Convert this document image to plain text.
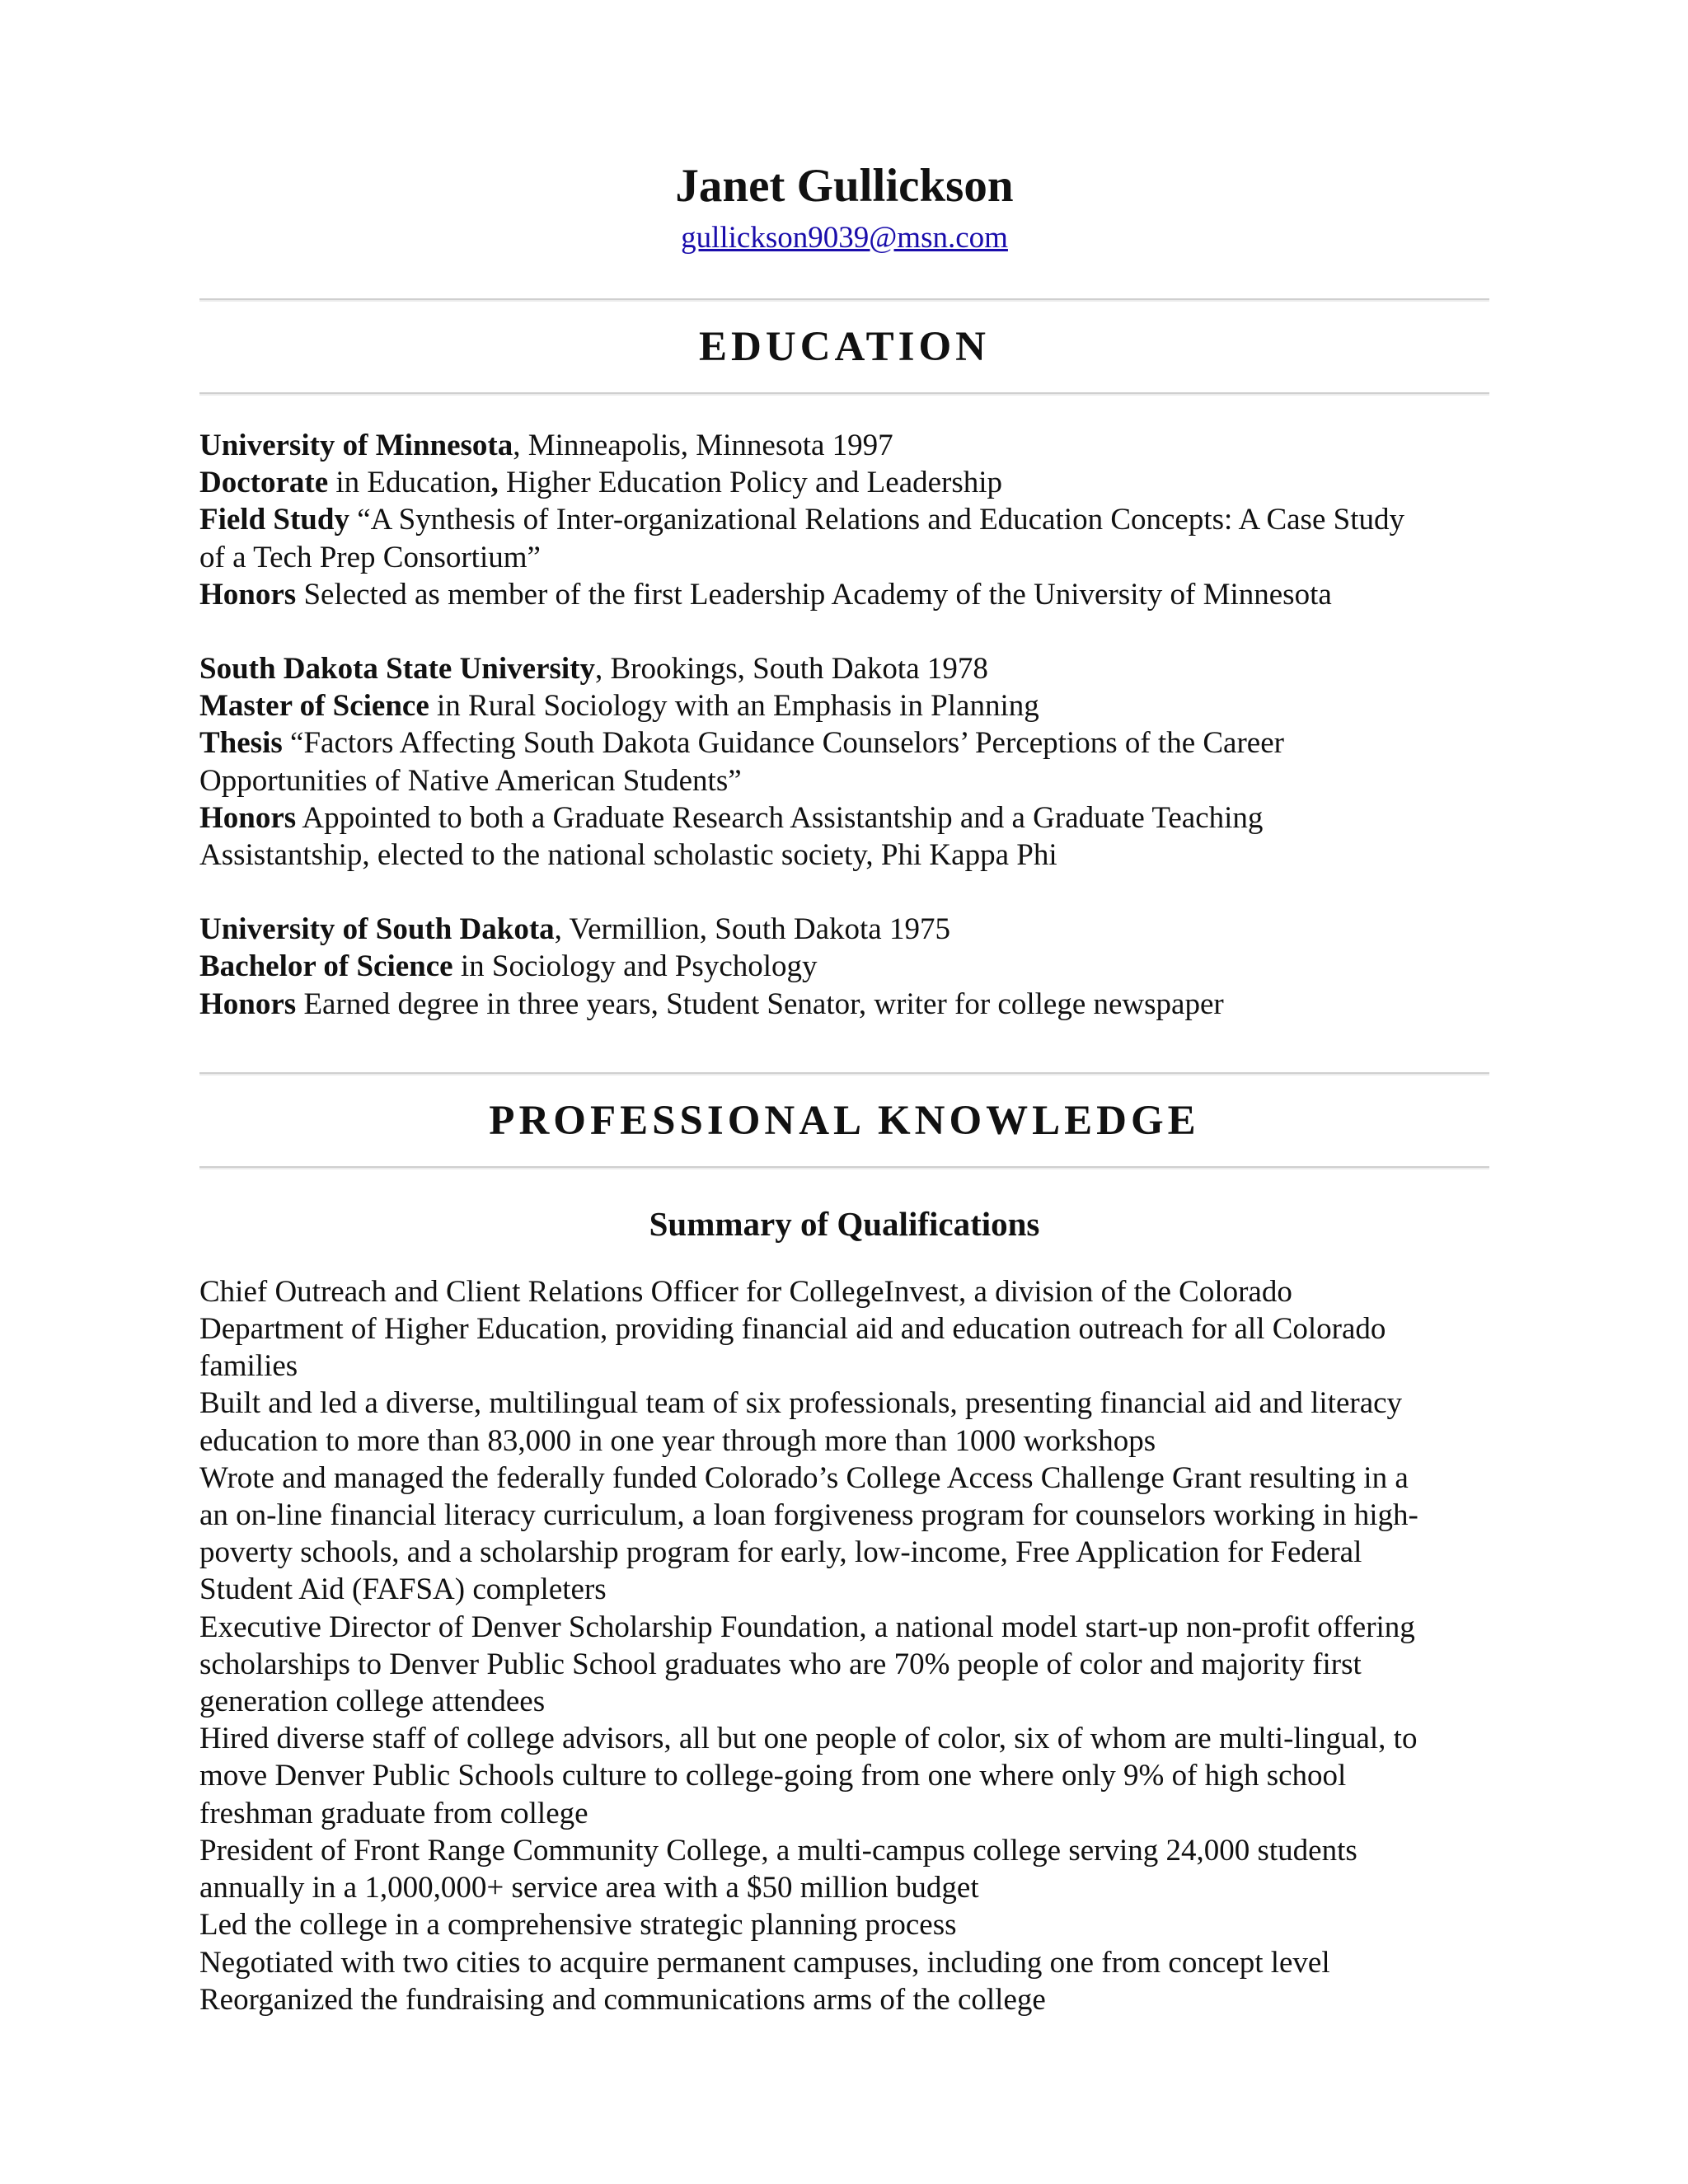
Janet Gullickson
gullickson9039@msn.com
EDUCATION
University of Minnesota, Minneapolis, Minnesota 1997
Doctorate in Education, Higher Education Policy and Leadership
Field Study “A Synthesis of Inter-organizational Relations and Education Concepts: A Case Study
of a Tech Prep Consortium”
Honors Selected as member of the first Leadership Academy of the University of Minnesota
South Dakota State University, Brookings, South Dakota 1978
Master of Science in Rural Sociology with an Emphasis in Planning
Thesis “Factors Affecting South Dakota Guidance Counselors’ Perceptions of the Career
Opportunities of Native American Students”
Honors Appointed to both a Graduate Research Assistantship and a Graduate Teaching
Assistantship, elected to the national scholastic society, Phi Kappa Phi
University of South Dakota, Vermillion, South Dakota 1975
Bachelor of Science in Sociology and Psychology
Honors Earned degree in three years, Student Senator, writer for college newspaper
PROFESSIONAL KNOWLEDGE
Summary of Qualifications
Chief Outreach and Client Relations Officer for CollegeInvest, a division of the Colorado
Department of Higher Education, providing financial aid and education outreach for all Colorado
families
Built and led a diverse, multilingual team of six professionals, presenting financial aid and literacy
education to more than 83,000 in one year through more than 1000 workshops
Wrote and managed the federally funded Colorado’s College Access Challenge Grant resulting in a
an on-line financial literacy curriculum, a loan forgiveness program for counselors working in high-
poverty schools, and a scholarship program for early, low-income, Free Application for Federal
Student Aid (FAFSA) completers
Executive Director of Denver Scholarship Foundation, a national model start-up non-profit offering
scholarships to Denver Public School graduates who are 70% people of color and majority first
generation college attendees
Hired diverse staff of college advisors, all but one people of color, six of whom are multi-lingual, to
move Denver Public Schools culture to college-going from one where only 9% of high school
freshman graduate from college
President of Front Range Community College, a multi-campus college serving 24,000 students
annually in a 1,000,000+ service area with a $50 million budget
Led the college in a comprehensive strategic planning process
Negotiated with two cities to acquire permanent campuses, including one from concept level
Reorganized the fundraising and communications arms of the college
